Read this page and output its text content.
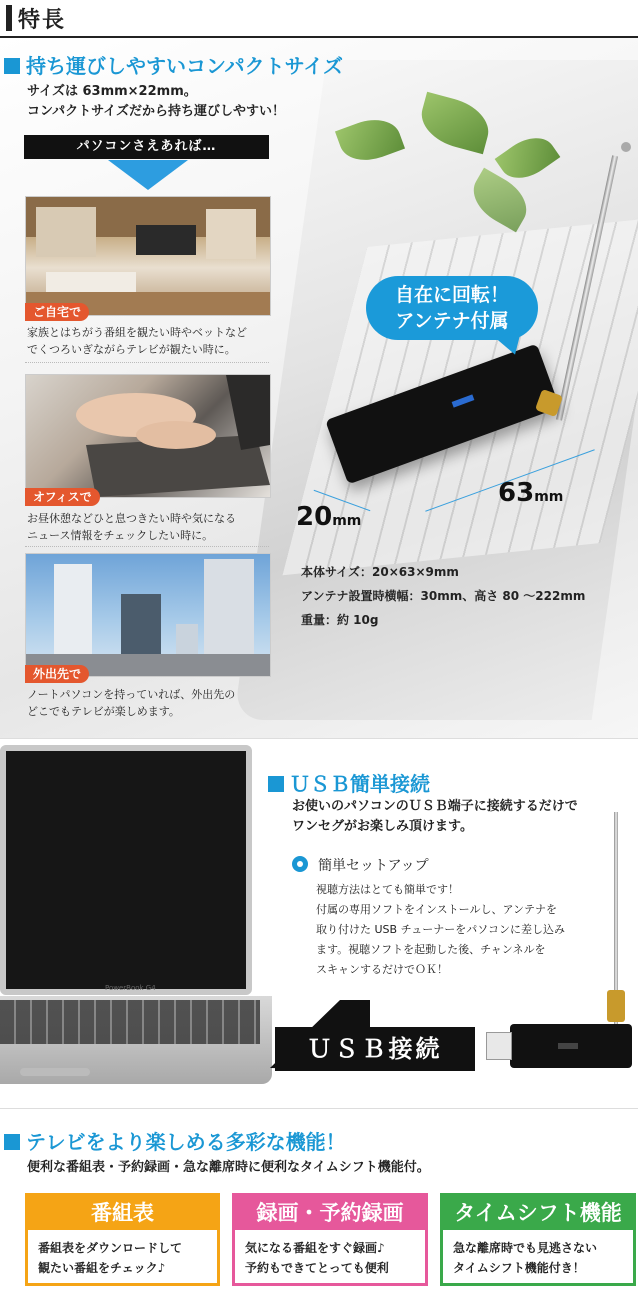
特長
持ち運びしやすいコンパクトサイズ
サイズは 63mm×22mm。
コンパクトサイズだから持ち運びしやすい！
パソコンさえあれば…
ご自宅で
家族とはちがう番組を観たい時やベットなど
でくつろいぎながらテレビが観たい時に。
オフィスで
お昼休憩などひと息つきたい時や気になる
ニュース情報をチェックしたい時に。
外出先で
ノートパソコンを持っていれば、外出先の
どこでもテレビが楽しめます。
自在に回転！
アンテナ付属
20mm
63mm
本体サイズ：20×63×9mm
アンテナ設置時横幅：30mm、高さ 80 ～222mm
重量：約 10g
PowerBook G4
ＵＳＢ簡単接続
お使いのパソコンのＵＳＢ端子に接続するだけで
ワンセグがお楽しみ頂けます。
簡単セットアップ
視聴方法はとても簡単です！
付属の専用ソフトをインストールし、アンテナを
取り付けた USB チューナーをパソコンに差し込み
ます。視聴ソフトを起動した後、チャンネルを
スキャンするだけでＯＫ！
ＵＳＢ接続
テレビをより楽しめる多彩な機能！
便利な番組表・予約録画・急な離席時に便利なタイムシフト機能付。
番組表
番組表をダウンロードして
観たい番組をチェック♪
録画・予約録画
気になる番組をすぐ録画♪
予約もできてとっても便利
タイムシフト機能
急な離席時でも見逃さない
タイムシフト機能付き！
